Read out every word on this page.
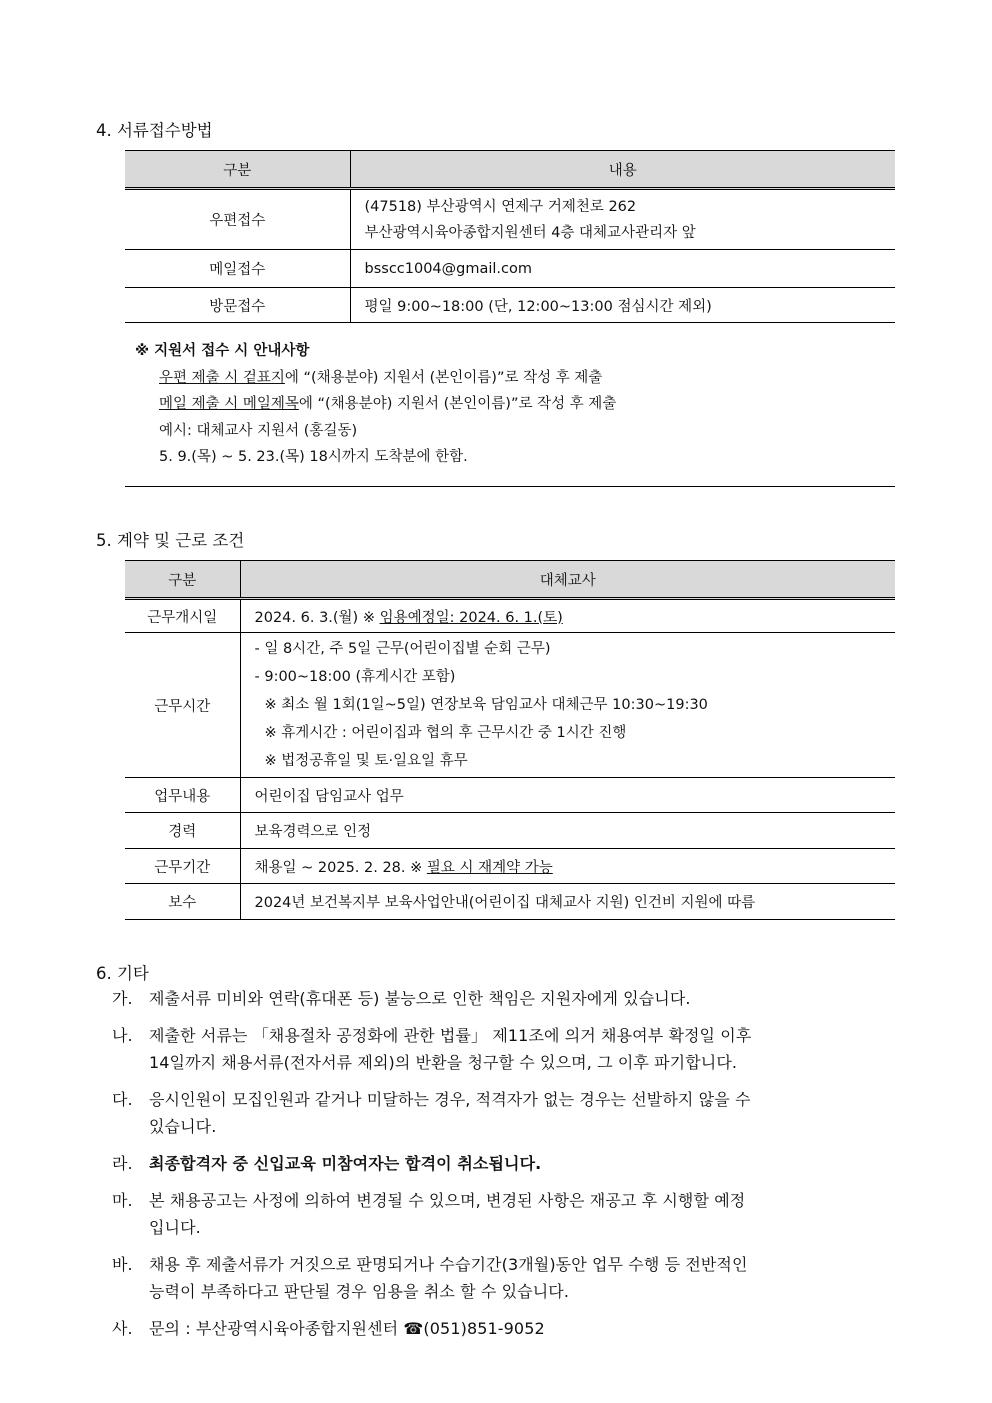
4. 서류접수방법
구분	내용
우편접수	(47518) 부산광역시 연제구 거제천로 262
부산광역시육아종합지원센터 4층 대체교사관리자 앞

메일접수	bsscc1004@gmail.com
방문접수	평일 9:00~18:00 (단, 12:00~13:00 점심시간 제외)
※ 지원서 접수 시 안내사항
우편 제출 시 겉표지에 “(채용분야) 지원서 (본인이름)”로 작성 후 제출
메일 제출 시 메일제목에 “(채용분야) 지원서 (본인이름)”로 작성 후 제출
예시: 대체교사 지원서 (홍길동)
5. 9.(목) ~ 5. 23.(목) 18시까지 도착분에 한함.
5. 계약 및 근로 조건
구분	대체교사
근무개시일	2024. 6. 3.(월) ※ 임용예정일: 2024. 6. 1.(토)
근무시간	- 일 8시간, 주 5일 근무(어린이집별 순회 근무)
- 9:00~18:00 (휴게시간 포함)
※ 최소 월 1회(1일~5일) 연장보육 담임교사 대체근무 10:30~19:30
※ 휴게시간 : 어린이집과 협의 후 근무시간 중 1시간 진행
※ 법정공휴일 및 토·일요일 휴무

업무내용	어린이집 담임교사 업무
경력	보육경력으로 인정
근무기간	채용일 ~ 2025. 2. 28. ※ 필요 시 재계약 가능
보수	2024년 보건복지부 보육사업안내(어린이집 대체교사 지원) 인건비 지원에 따름
6. 기타
가. 제출서류 미비와 연락(휴대폰 등) 불능으로 인한 책임은 지원자에게 있습니다.
나. 제출한 서류는 「채용절차 공정화에 관한 법률」 제11조에 의거 채용여부 확정일 이후
14일까지 채용서류(전자서류 제외)의 반환을 청구할 수 있으며, 그 이후 파기합니다.
다. 응시인원이 모집인원과 같거나 미달하는 경우, 적격자가 없는 경우는 선발하지 않을 수
있습니다.
라. 최종합격자 중 신입교육 미참여자는 합격이 취소됩니다.
마. 본 채용공고는 사정에 의하여 변경될 수 있으며, 변경된 사항은 재공고 후 시행할 예정
입니다.
바. 채용 후 제출서류가 거짓으로 판명되거나 수습기간(3개월)동안 업무 수행 등 전반적인
능력이 부족하다고 판단될 경우 임용을 취소 할 수 있습니다.
사. 문의 : 부산광역시육아종합지원센터 ☎(051)851-9052
